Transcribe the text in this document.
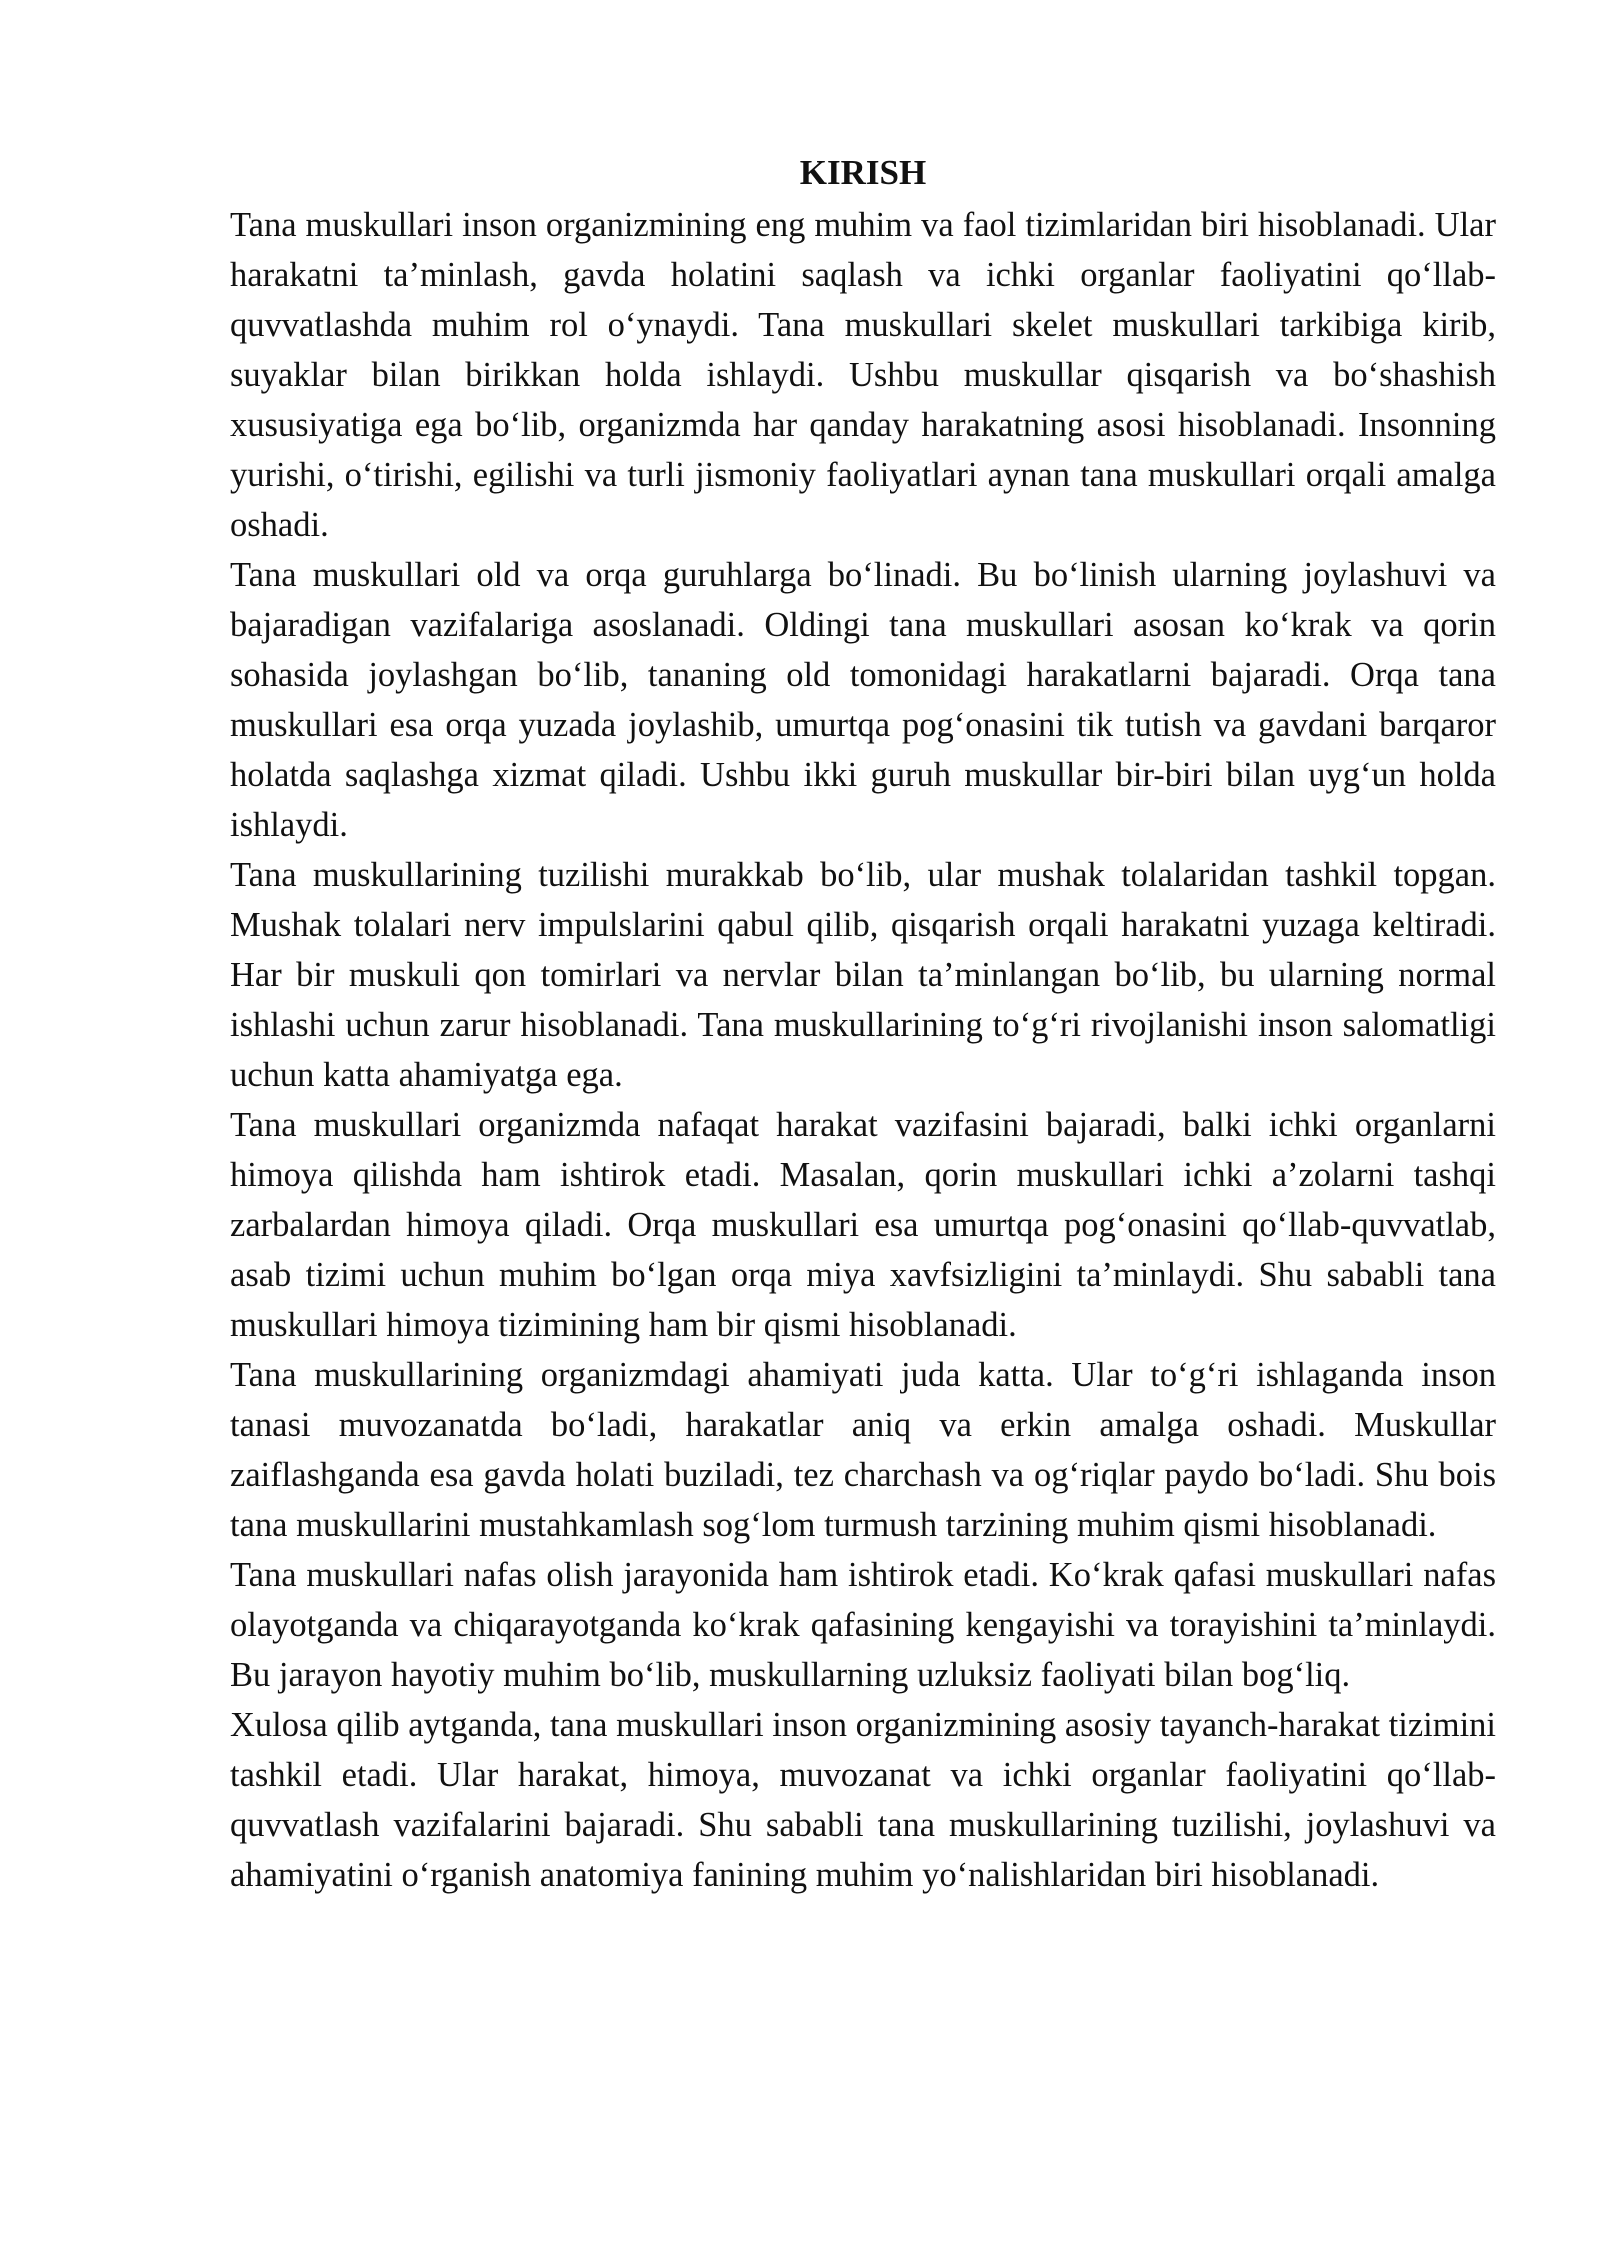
KIRISH

Tana muskullari inson organizmining eng muhim va faol tizimlaridan biri hisoblanadi. Ular harakatni ta’minlash, gavda holatini saqlash va ichki organlar faoliyatini qo‘llab-quvvatlashda muhim rol o‘ynaydi. Tana muskullari skelet muskullari tarkibiga kirib, suyaklar bilan birikkan holda ishlaydi. Ushbu muskullar qisqarish va bo‘shashish xususiyatiga ega bo‘lib, organizmda har qanday harakatning asosi hisoblanadi. Insonning yurishi, o‘tirishi, egilishi va turli jismoniy faoliyatlari aynan tana muskullari orqali amalga oshadi.

Tana muskullari old va orqa guruhlarga bo‘linadi. Bu bo‘linish ularning joylashuvi va bajaradigan vazifalariga asoslanadi. Oldingi tana muskullari asosan ko‘krak va qorin sohasida joylashgan bo‘lib, tananing old tomonidagi harakatlarni bajaradi. Orqa tana muskullari esa orqa yuzada joylashib, umurtqa pog‘onasini tik tutish va gavdani barqaror holatda saqlashga xizmat qiladi. Ushbu ikki guruh muskullar bir-biri bilan uyg‘un holda ishlaydi.

Tana muskullarining tuzilishi murakkab bo‘lib, ular mushak tolalaridan tashkil topgan. Mushak tolalari nerv impulslarini qabul qilib, qisqarish orqali harakatni yuzaga keltiradi. Har bir muskuli qon tomirlari va nervlar bilan ta’minlangan bo‘lib, bu ularning normal ishlashi uchun zarur hisoblanadi. Tana muskullarining to‘g‘ri rivojlanishi inson salomatligi uchun katta ahamiyatga ega.

Tana muskullari organizmda nafaqat harakat vazifasini bajaradi, balki ichki organlarni himoya qilishda ham ishtirok etadi. Masalan, qorin muskullari ichki a’zolarni tashqi zarbalardan himoya qiladi. Orqa muskullari esa umurtqa pog‘onasini qo‘llab-quvvatlab, asab tizimi uchun muhim bo‘lgan orqa miya xavfsizligini ta’minlaydi. Shu sababli tana muskullari himoya tizimining ham bir qismi hisoblanadi.

Tana muskullarining organizmdagi ahamiyati juda katta. Ular to‘g‘ri ishlaganda inson tanasi muvozanatda bo‘ladi, harakatlar aniq va erkin amalga oshadi. Muskullar zaiflashganda esa gavda holati buziladi, tez charchash va og‘riqlar paydo bo‘ladi. Shu bois tana muskullarini mustahkamlash sog‘lom turmush tarzining muhim qismi hisoblanadi.

Tana muskullari nafas olish jarayonida ham ishtirok etadi. Ko‘krak qafasi muskullari nafas olayotganda va chiqarayotganda ko‘krak qafasining kengayishi va torayishini ta’minlaydi. Bu jarayon hayotiy muhim bo‘lib, muskullarning uzluksiz faoliyati bilan bog‘liq.

Xulosa qilib aytganda, tana muskullari inson organizmining asosiy tayanch-harakat tizimini tashkil etadi. Ular harakat, himoya, muvozanat va ichki organlar faoliyatini qo‘llab-quvvatlash vazifalarini bajaradi. Shu sababli tana muskullarining tuzilishi, joylashuvi va ahamiyatini o‘rganish anatomiya fanining muhim yo‘nalishlaridan biri hisoblanadi.
